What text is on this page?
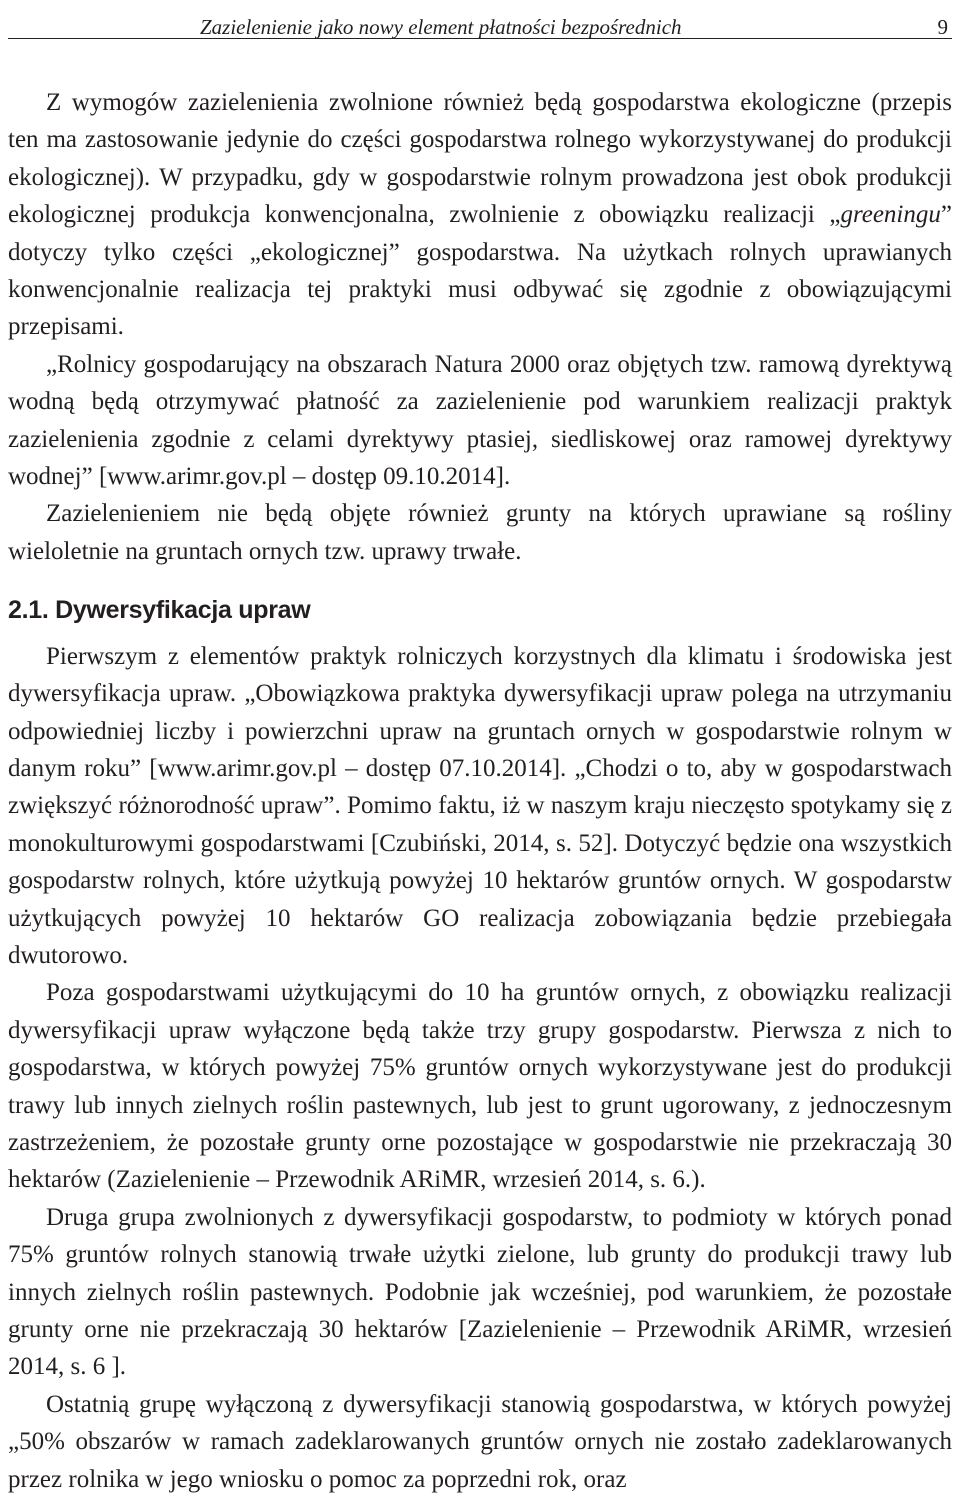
Zazielenienie jako nowy element płatności bezpośrednich	9

Z wymogów zazielenienia zwolnione również będą gospodarstwa ekologiczne (przepis ten ma zastosowanie jedynie do części gospodarstwa rolnego wykorzystywanej do produkcji ekologicznej). W przypadku, gdy w gospodarstwie rolnym prowadzona jest obok produkcji ekologicznej produkcja konwencjonalna, zwolnienie z obowiązku realizacji „greeningu” dotyczy tylko części „ekologicznej” gospodarstwa. Na użytkach rolnych uprawianych konwencjonalnie realizacja tej praktyki musi odbywać się zgodnie z obowiązującymi przepisami.

„Rolnicy gospodarujący na obszarach Natura 2000 oraz objętych tzw. ramową dyrektywą wodną będą otrzymywać płatność za zazielenienie pod warunkiem realizacji praktyk zazielenienia zgodnie z celami dyrektywy ptasiej, siedliskowej oraz ramowej dyrektywy wodnej” [www.arimr.gov.pl – dostęp 09.10.2014].

Zazielenieniem nie będą objęte również grunty na których uprawiane są rośliny wieloletnie na gruntach ornych tzw. uprawy trwałe.

2.1. Dywersyfikacja upraw

Pierwszym z elementów praktyk rolniczych korzystnych dla klimatu i środowiska jest dywersyfikacja upraw. „Obowiązkowa praktyka dywersyfikacji upraw polega na utrzymaniu odpowiedniej liczby i powierzchni upraw na gruntach ornych w gospodarstwie rolnym w danym roku” [www.arimr.gov.pl – dostęp 07.10.2014]. „Chodzi o to, aby w gospodarstwach zwiększyć różnorodność upraw”. Pomimo faktu, iż w naszym kraju nieczęsto spotykamy się z monokulturowymi gospodarstwami [Czubiński, 2014, s. 52]. Dotyczyć będzie ona wszystkich gospodarstw rolnych, które użytkują powyżej 10 hektarów gruntów ornych. W gospodarstw użytkujących powyżej 10 hektarów GO realizacja zobowiązania będzie przebiegała dwutorowo.

Poza gospodarstwami użytkującymi do 10 ha gruntów ornych, z obowiązku realizacji dywersyfikacji upraw wyłączone będą także trzy grupy gospodarstw. Pierwsza z nich to gospodarstwa, w których powyżej 75% gruntów ornych wykorzystywane jest do produkcji trawy lub innych zielnych roślin pastewnych, lub jest to grunt ugorowany, z jednoczesnym zastrzeżeniem, że pozostałe grunty orne pozostające w gospodarstwie nie przekraczają 30 hektarów (Zazielenienie – Przewodnik ARiMR, wrzesień 2014, s. 6.).

Druga grupa zwolnionych z dywersyfikacji gospodarstw, to podmioty w których ponad 75% gruntów rolnych stanowią trwałe użytki zielone, lub grunty do produkcji trawy lub innych zielnych roślin pastewnych. Podobnie jak wcześniej, pod warunkiem, że pozostałe grunty orne nie przekraczają 30 hektarów [Zazielenienie – Przewodnik ARiMR, wrzesień 2014, s. 6 ].

Ostatnią grupę wyłączoną z dywersyfikacji stanowią gospodarstwa, w których powyżej „50% obszarów w ramach zadeklarowanych gruntów ornych nie zostało zadeklarowanych przez rolnika w jego wniosku o pomoc za poprzedni rok, oraz
